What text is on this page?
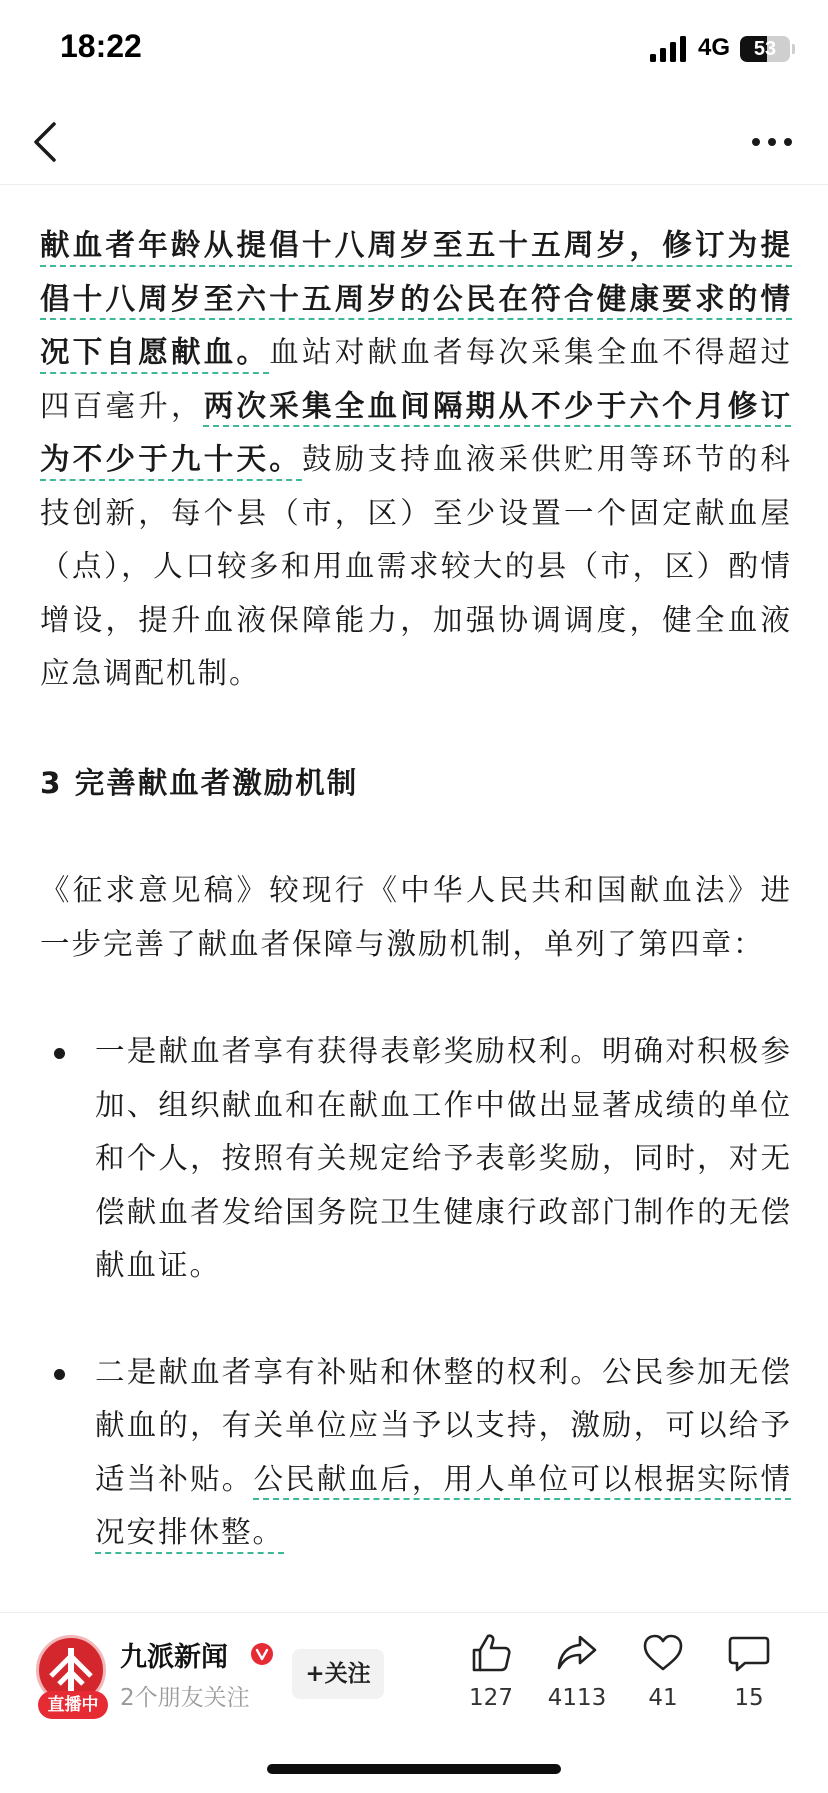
18:22	4G	53

献血者年龄从提倡十八周岁至五十五周岁，修订为提倡十八周岁至六十五周岁的公民在符合健康要求的情况下自愿献血。血站对献血者每次采集全血不得超过四百毫升，两次采集全血间隔期从不少于六个月修订为不少于九十天。鼓励支持血液采供贮用等环节的科技创新，每个县（市，区）至少设置一个固定献血屋（点），人口较多和用血需求较大的县（市，区）酌情增设，提升血液保障能力，加强协调调度，健全血液应急调配机制。

3 完善献血者激励机制

《征求意见稿》较现行《中华人民共和国献血法》进一步完善了献血者保障与激励机制，单列了第四章：

一是献血者享有获得表彰奖励权利。明确对积极参加、组织献血和在献血工作中做出显著成绩的单位和个人，按照有关规定给予表彰奖励，同时，对无偿献血者发给国务院卫生健康行政部门制作的无偿献血证。

二是献血者享有补贴和休整的权利。公民参加无偿献血的，有关单位应当予以支持，激励，可以给予适当补贴。公民献血后，用人单位可以根据实际情况安排休整。

直播中
九派新闻
2个朋友关注
+关注
127	4113	41	15
